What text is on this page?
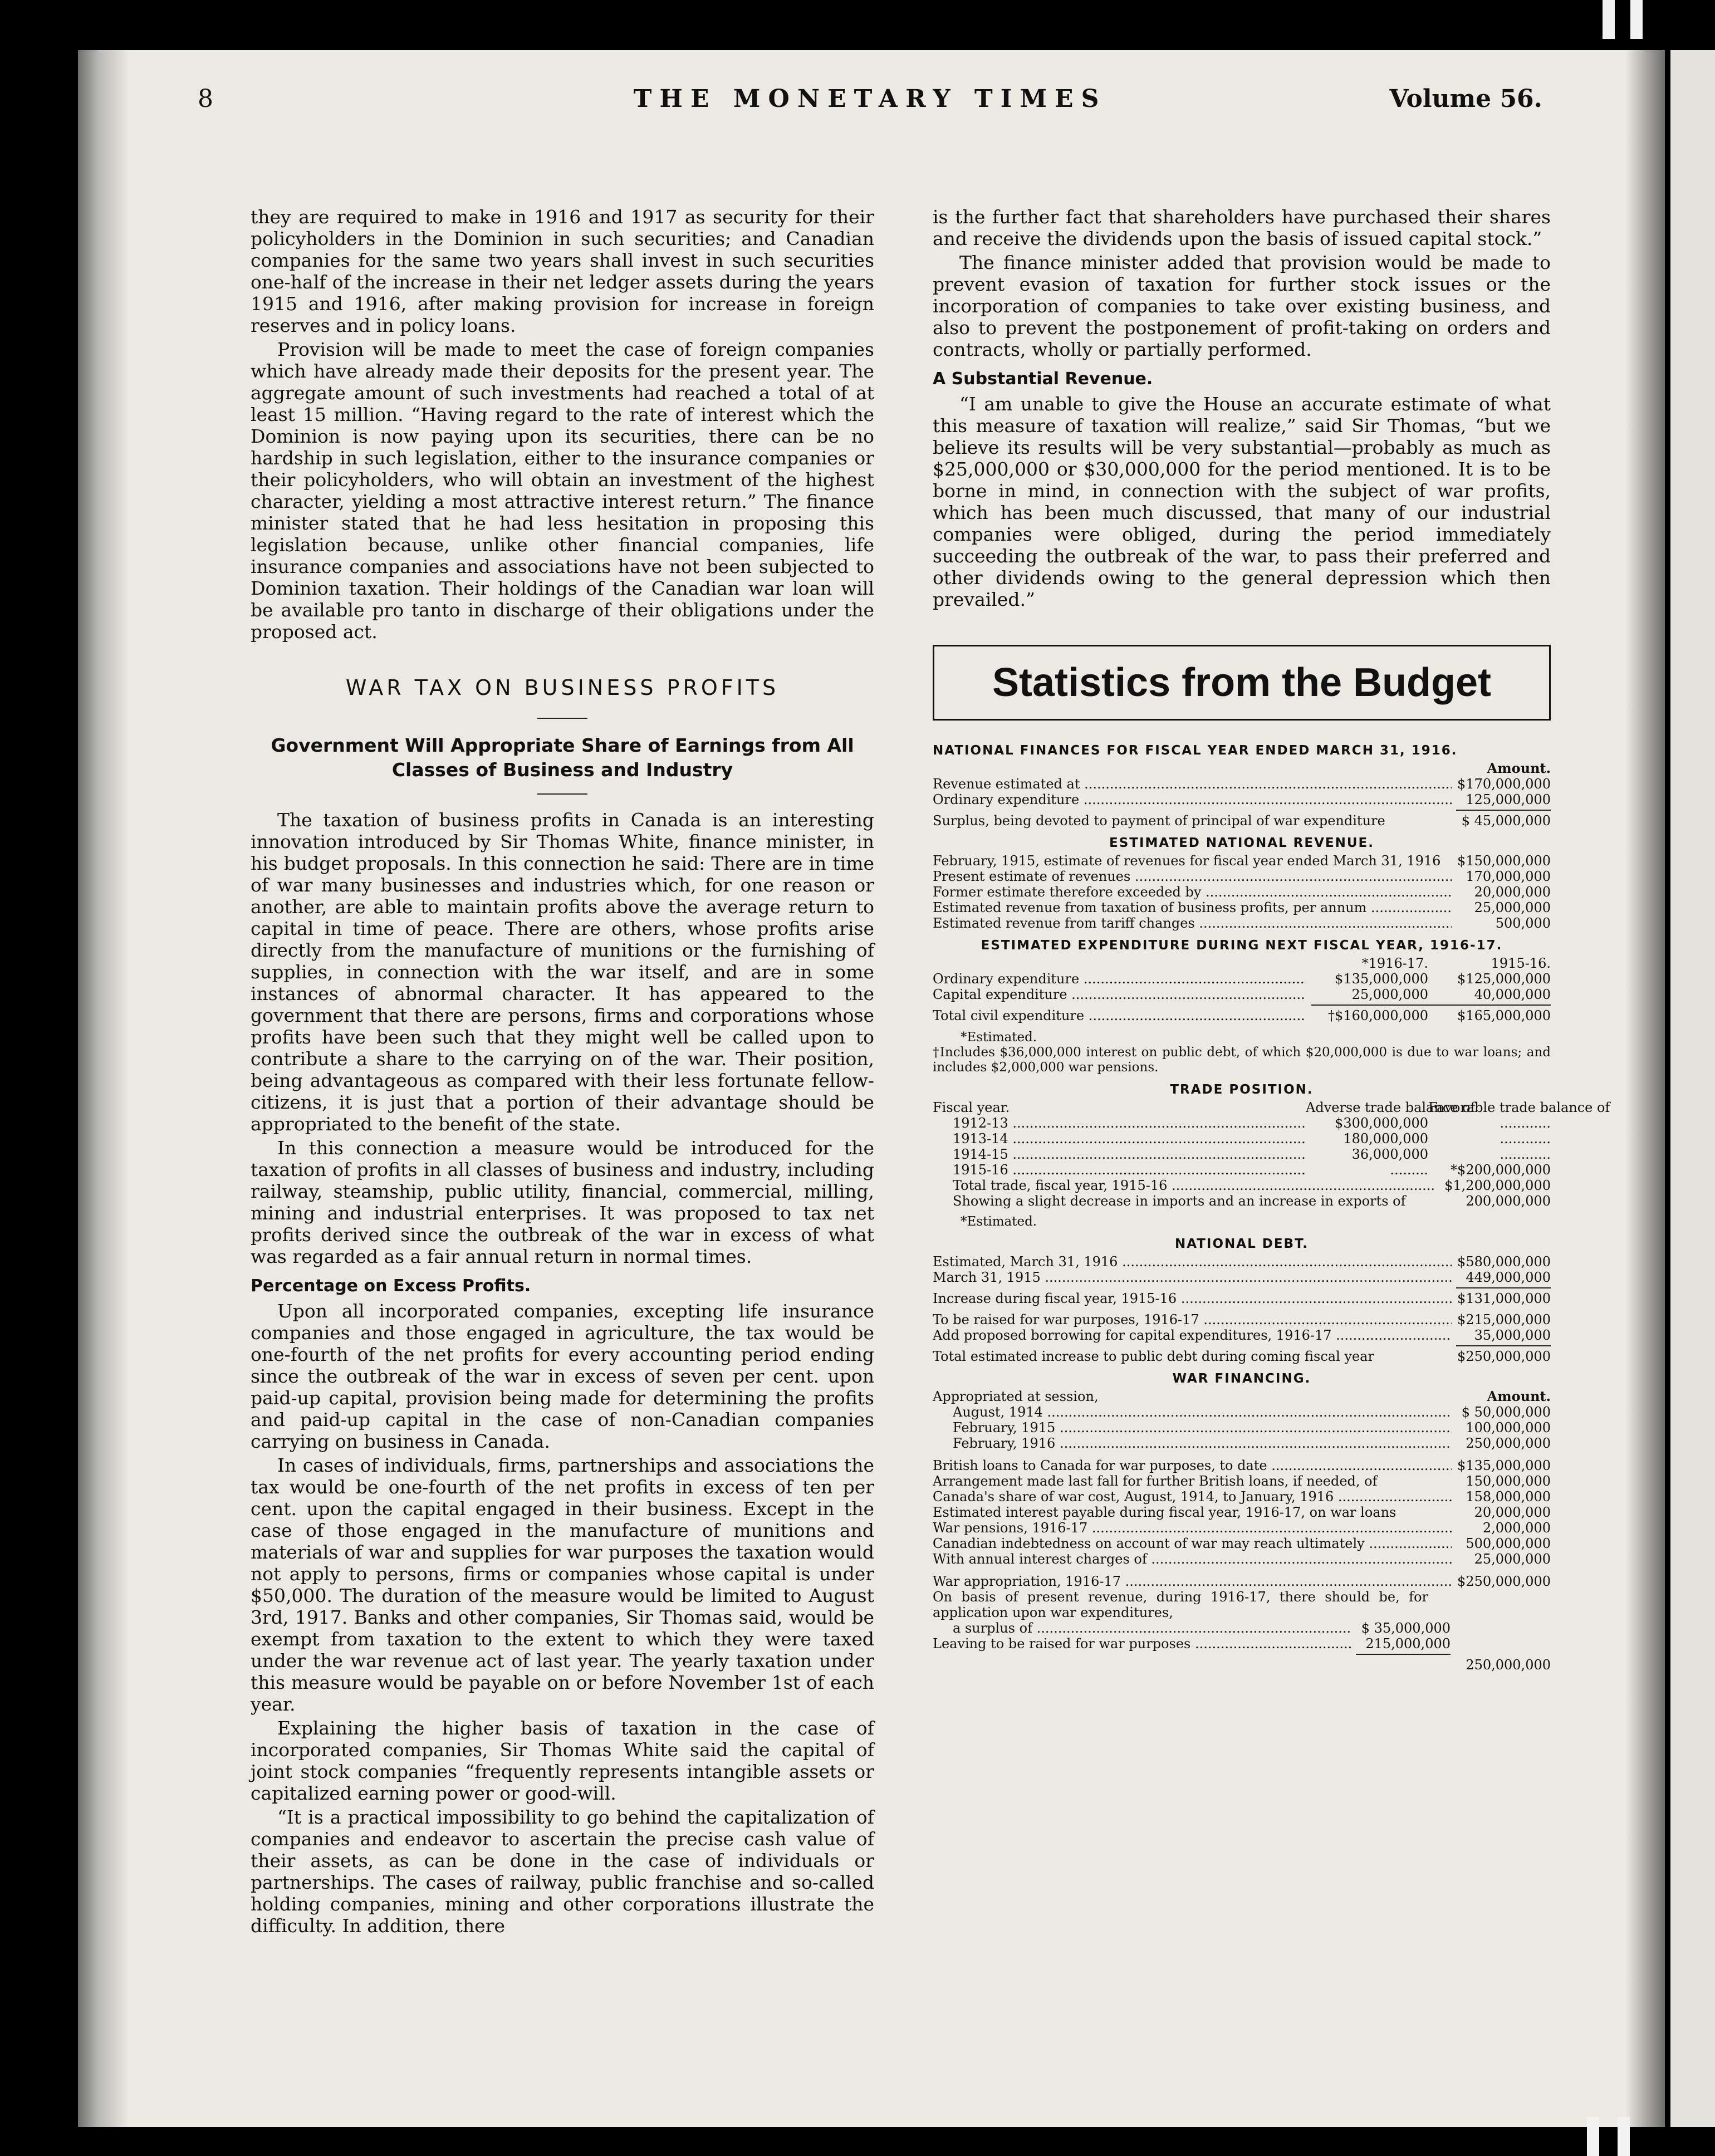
8	THE MONETARY TIMES	Volume 56.

they are required to make in 1916 and 1917 as security for their policyholders in the Dominion in such securities; and Canadian companies for the same two years shall invest in such securities one-half of the increase in their net ledger assets during the years 1915 and 1916, after making provision for increase in foreign reserves and in policy loans.

Provision will be made to meet the case of foreign companies which have already made their deposits for the present year. The aggregate amount of such investments had reached a total of at least 15 million. “Having regard to the rate of interest which the Dominion is now paying upon its securities, there can be no hardship in such legislation, either to the insurance companies or their policyholders, who will obtain an investment of the highest character, yielding a most attractive interest return.” The finance minister stated that he had less hesitation in proposing this legislation because, unlike other financial companies, life insurance companies and associations have not been subjected to Dominion taxation. Their holdings of the Canadian war loan will be available pro tanto in discharge of their obligations under the proposed act.

WAR TAX ON BUSINESS PROFITS
Government Will Appropriate Share of Earnings from All Classes of Business and Industry

The taxation of business profits in Canada is an interesting innovation introduced by Sir Thomas White, finance minister, in his budget proposals. In this connection he said: There are in time of war many businesses and industries which, for one reason or another, are able to maintain profits above the average return to capital in time of peace. There are others, whose profits arise directly from the manufacture of munitions or the furnishing of supplies, in connection with the war itself, and are in some instances of abnormal character. It has appeared to the government that there are persons, firms and corporations whose profits have been such that they might well be called upon to contribute a share to the carrying on of the war. Their position, being advantageous as compared with their less fortunate fellow-citizens, it is just that a portion of their advantage should be appropriated to the benefit of the state.

In this connection a measure would be introduced for the taxation of profits in all classes of business and industry, including railway, steamship, public utility, financial, commercial, milling, mining and industrial enterprises. It was proposed to tax net profits derived since the outbreak of the war in excess of what was regarded as a fair annual return in normal times.

Percentage on Excess Profits.

Upon all incorporated companies, excepting life insurance companies and those engaged in agriculture, the tax would be one-fourth of the net profits for every accounting period ending since the outbreak of the war in excess of seven per cent. upon paid-up capital, provision being made for determining the profits and paid-up capital in the case of non-Canadian companies carrying on business in Canada.

In cases of individuals, firms, partnerships and associations the tax would be one-fourth of the net profits in excess of ten per cent. upon the capital engaged in their business. Except in the case of those engaged in the manufacture of munitions and materials of war and supplies for war purposes the taxation would not apply to persons, firms or companies whose capital is under $50,000. The duration of the measure would be limited to August 3rd, 1917. Banks and other companies, Sir Thomas said, would be exempt from taxation to the extent to which they were taxed under the war revenue act of last year. The yearly taxation under this measure would be payable on or before November 1st of each year.

Explaining the higher basis of taxation in the case of incorporated companies, Sir Thomas White said the capital of joint stock companies “frequently represents intangible assets or capitalized earning power or good-will.

“It is a practical impossibility to go behind the capitalization of companies and endeavor to ascertain the precise cash value of their assets, as can be done in the case of individuals or partnerships. The cases of railway, public franchise and so-called holding companies, mining and other corporations illustrate the difficulty. In addition, there

is the further fact that shareholders have purchased their shares and receive the dividends upon the basis of issued capital stock.”

The finance minister added that provision would be made to prevent evasion of taxation for further stock issues or the incorporation of companies to take over existing business, and also to prevent the postponement of profit-taking on orders and contracts, wholly or partially performed.

A Substantial Revenue.

“I am unable to give the House an accurate estimate of what this measure of taxation will realize,” said Sir Thomas, “but we believe its results will be very substantial—probably as much as $25,000,000 or $30,000,000 for the period mentioned. It is to be borne in mind, in connection with the subject of war profits, which has been much discussed, that many of our industrial companies were obliged, during the period immediately succeeding the outbreak of the war, to pass their preferred and other dividends owing to the general depression which then prevailed.”

Statistics from the Budget
NATIONAL FINANCES FOR FISCAL YEAR ENDED MARCH 31, 1916.
Amount.
Revenue estimated at .....	$170,000,000
Ordinary expenditure .....	125,000,000
Surplus, being devoted to payment of principal of war expenditure	$ 45,000,000
ESTIMATED NATIONAL REVENUE.
February, 1915, estimate of revenues for fiscal year ended March 31, 1916	$150,000,000
Present estimate of revenues .....	170,000,000
Former estimate therefore exceeded by .....	20,000,000
Estimated revenue from taxation of business profits, per annum .....	25,000,000
Estimated revenue from tariff changes .....	500,000
ESTIMATED EXPENDITURE DURING NEXT FISCAL YEAR, 1916-17.
*1916-17.	1915-16.
Ordinary expenditure .....	$135,000,000	$125,000,000
Capital expenditure .....	25,000,000	40,000,000
Total civil expenditure .....	†$160,000,000	$165,000,000
*Estimated.
†Includes $36,000,000 interest on public debt, of which $20,000,000 is due to war loans; and includes $2,000,000 war pensions.
TRADE POSITION.
Fiscal year.	Adverse trade balance of
Favorable trade balance of
1912-13 .....	$300,000,000	............
1913-14 .....	180,000,000	............
1914-15 .....	36,000,000	............
1915-16 .....	.........	*$200,000,000
Total trade, fiscal year, 1915-16 .....	$1,200,000,000
Showing a slight decrease in imports and an increase in exports of	200,000,000
*Estimated.
NATIONAL DEBT.
Estimated, March 31, 1916 .....	$580,000,000
March 31, 1915 .....	449,000,000
Increase during fiscal year, 1915-16 .....	$131,000,000
To be raised for war purposes, 1916-17 .....	$215,000,000
Add proposed borrowing for capital expenditures, 1916-17 .....	35,000,000
Total estimated increase to public debt during coming fiscal year	$250,000,000
WAR FINANCING.
Appropriated at session,	Amount.
August, 1914 .....	$ 50,000,000
February, 1915 .....	100,000,000
February, 1916 .....	250,000,000
British loans to Canada for war purposes, to date .....	$135,000,000
Arrangement made last fall for further British loans, if needed, of	150,000,000
Canada's share of war cost, August, 1914, to January, 1916 .....	158,000,000
Estimated interest payable during fiscal year, 1916-17, on war loans	20,000,000
War pensions, 1916-17 .....	2,000,000
Canadian indebtedness on account of war may reach ultimately .....	500,000,000
With annual interest charges of .....	25,000,000
War appropriation, 1916-17 .....	$250,000,000
On basis of present revenue, during 1916-17, there should be, for application upon war expenditures,
a surplus of .....	$ 35,000,000
Leaving to be raised for war purposes .....	215,000,000
250,000,000
